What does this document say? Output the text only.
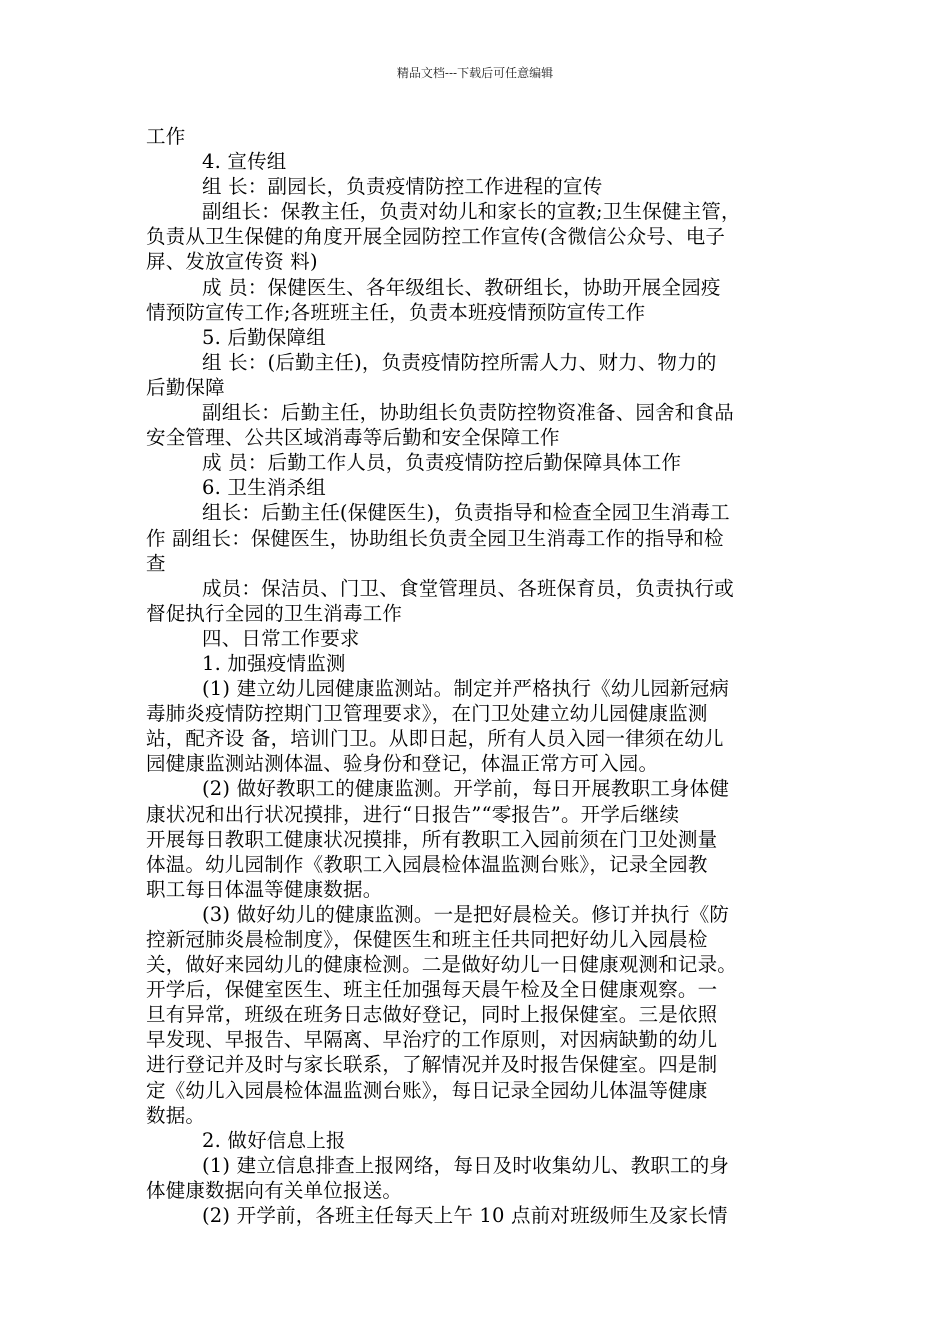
精品文档---下载后可任意编辑
工作
4. 宣传组
组 长：副园长，负责疫情防控工作进程的宣传
副组长：保教主任，负责对幼儿和家长的宣教;卫生保健主管，
负责从卫生保健的角度开展全园防控工作宣传(含微信公众号、电子
屏、发放宣传资 料)
成 员：保健医生、各年级组长、教研组长，协助开展全园疫
情预防宣传工作;各班班主任，负责本班疫情预防宣传工作
5. 后勤保障组
组 长：(后勤主任)，负责疫情防控所需人力、财力、物力的
后勤保障
副组长：后勤主任，协助组长负责防控物资准备、园舍和食品
安全管理、公共区域消毒等后勤和安全保障工作
成 员：后勤工作人员，负责疫情防控后勤保障具体工作
6. 卫生消杀组
组长：后勤主任(保健医生)，负责指导和检查全园卫生消毒工
作 副组长：保健医生，协助组长负责全园卫生消毒工作的指导和检
查
成员：保洁员、门卫、食堂管理员、各班保育员，负责执行或
督促执行全园的卫生消毒工作
四、日常工作要求
1. 加强疫情监测
(1) 建立幼儿园健康监测站。制定并严格执行《幼儿园新冠病
毒肺炎疫情防控期门卫管理要求》，在门卫处建立幼儿园健康监测
站，配齐设 备，培训门卫。从即日起，所有人员入园一律须在幼儿
园健康监测站测体温、验身份和登记，体温正常方可入园。
(2) 做好教职工的健康监测。开学前，每日开展教职工身体健
康状况和出行状况摸排，进行“日报告”“零报告”。开学后继续
开展每日教职工健康状况摸排，所有教职工入园前须在门卫处测量
体温。幼儿园制作《教职工入园晨检体温监测台账》，记录全园教
职工每日体温等健康数据。
(3) 做好幼儿的健康监测。一是把好晨检关。修订并执行《防
控新冠肺炎晨检制度》，保健医生和班主任共同把好幼儿入园晨检
关，做好来园幼儿的健康检测。二是做好幼儿一日健康观测和记录。
开学后，保健室医生、班主任加强每天晨午检及全日健康观察。一
旦有异常，班级在班务日志做好登记，同时上报保健室。三是依照
早发现、早报告、早隔离、早治疗的工作原则，对因病缺勤的幼儿
进行登记并及时与家长联系，了解情况并及时报告保健室。四是制
定《幼儿入园晨检体温监测台账》，每日记录全园幼儿体温等健康
数据。
2. 做好信息上报
(1) 建立信息排查上报网络，每日及时收集幼儿、教职工的身
体健康数据向有关单位报送。
(2) 开学前，各班主任每天上午 10 点前对班级师生及家长情
